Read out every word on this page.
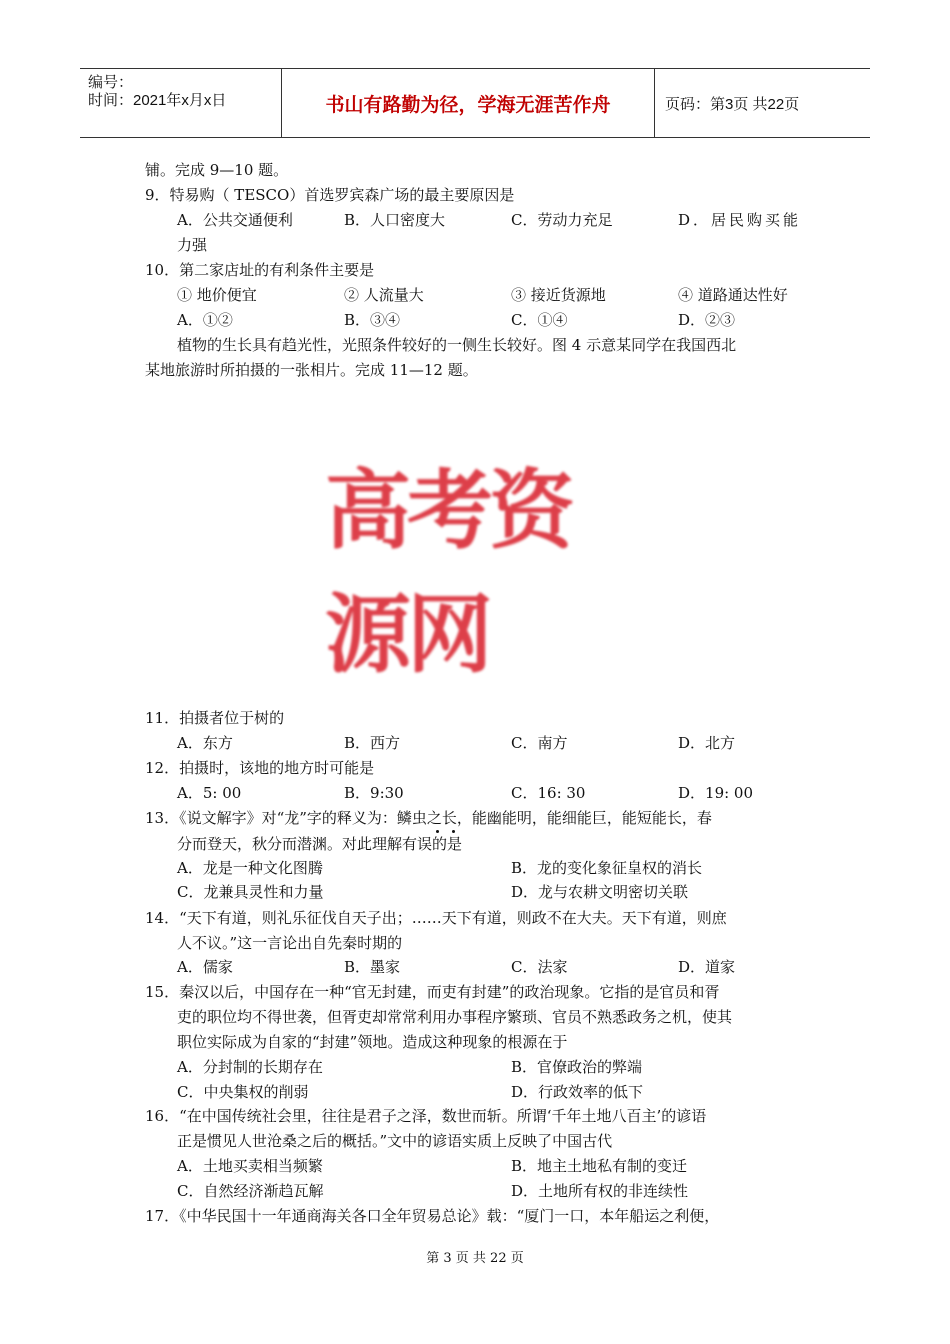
编号：
时间：2021年x月x日	书山有路勤为径，学海无涯苦作舟	页码：第3页 共22页
铺。完成 9—10 题。
9．特易购（ TESCO）首选罗宾森广场的最主要原因是
A．公共交通便利	B．人口密度大	C．劳动力充足	D．居民购买能
力强
10．第二家店址的有利条件主要是
① 地价便宜	② 人流量大	③ 接近货源地	④ 道路通达性好
A．①②	B．③④	C．①④	D．②③
植物的生长具有趋光性，光照条件较好的一侧生长较好。图 4 示意某同学在我国西北
某地旅游时所拍摄的一张相片。完成 11—12 题。
高考资源网
11．拍摄者位于树的
A．东方	B．西方	C．南方	D．北方
12．拍摄时，该地的地方时可能是
A．5: 00	B．9:30	C．16: 30	D．19: 00
13．《说文解字》对“龙”字的释义为：鳞虫之长，能幽能明，能细能巨，能短能长，春
分而登天，秋分而潜渊。对此理解有误的是
A．龙是一种文化图腾	B．龙的变化象征皇权的消长
C．龙兼具灵性和力量	D．龙与农耕文明密切关联
14．“天下有道，则礼乐征伐自天子出；……天下有道，则政不在大夫。天下有道，则庶
人不议。”这一言论出自先秦时期的
A．儒家	B．墨家	C．法家	D．道家
15．秦汉以后，中国存在一种“官无封建，而吏有封建”的政治现象。它指的是官员和胥
吏的职位均不得世袭，但胥吏却常常利用办事程序繁琐、官员不熟悉政务之机，使其
职位实际成为自家的“封建”领地。造成这种现象的根源在于
A．分封制的长期存在	B．官僚政治的弊端
C．中央集权的削弱	D．行政效率的低下
16．“在中国传统社会里，往往是君子之泽，数世而斩。所谓‘千年土地八百主’的谚语
正是惯见人世沧桑之后的概括。”文中的谚语实质上反映了中国古代
A．土地买卖相当频繁	B．地主土地私有制的变迁
C．自然经济渐趋瓦解	D．土地所有权的非连续性
17．《中华民国十一年通商海关各口全年贸易总论》载：“厦门一口，本年船运之利便，
第 3 页 共 22 页
